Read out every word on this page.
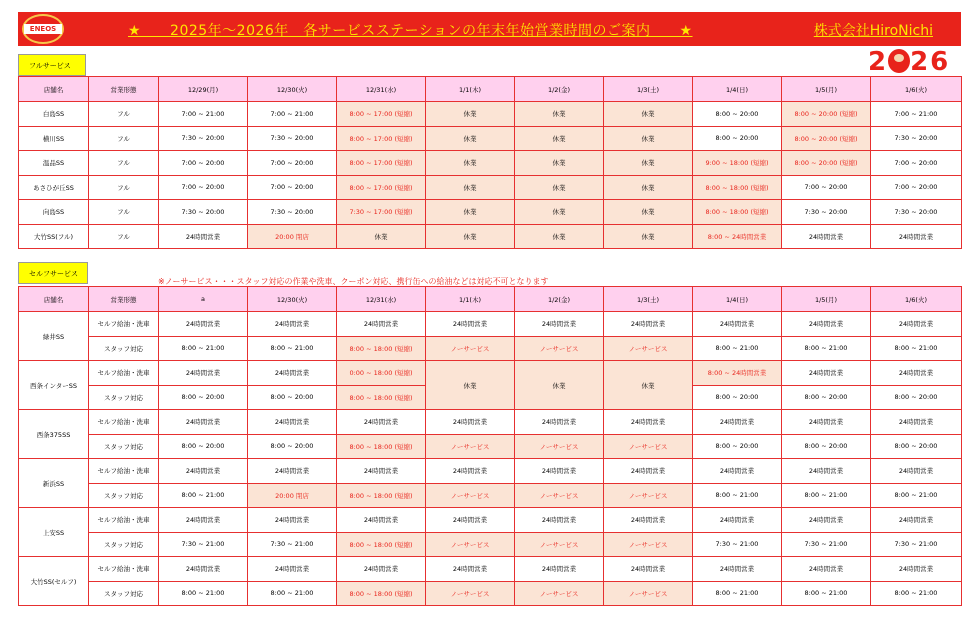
ENEOS	★　　2025年～2026年　各サービスステーションの年末年始営業時間のご案内　　★	株式会社HiroNichi
フルサービス	2 26
店舗名	営業形態	12/29(月)	12/30(火)	12/31(水)	1/1(木)	1/2(金)	1/3(土)	1/4(日)	1/5(月)	1/6(火)
白島SS	フル	7:00 ~ 21:00	7:00 ~ 21:00	8:00 ~ 17:00 (短縮)	休業	休業	休業	8:00 ~ 20:00	8:00 ~ 20:00 (短縮)	7:00 ~ 21:00
横川SS	フル	7:30 ~ 20:00	7:30 ~ 20:00	8:00 ~ 17:00 (短縮)	休業	休業	休業	8:00 ~ 20:00	8:00 ~ 20:00 (短縮)	7:30 ~ 20:00
温品SS	フル	7:00 ~ 20:00	7:00 ~ 20:00	8:00 ~ 17:00 (短縮)	休業	休業	休業	9:00 ~ 18:00 (短縮)	8:00 ~ 20:00 (短縮)	7:00 ~ 20:00
あさひが丘SS	フル	7:00 ~ 20:00	7:00 ~ 20:00	8:00 ~ 17:00 (短縮)	休業	休業	休業	8:00 ~ 18:00 (短縮)	7:00 ~ 20:00	7:00 ~ 20:00
向島SS	フル	7:30 ~ 20:00	7:30 ~ 20:00	7:30 ~ 17:00 (短縮)	休業	休業	休業	8:00 ~ 18:00 (短縮)	7:30 ~ 20:00	7:30 ~ 20:00
大竹SS(フル)	フル	24時間営業	20:00 閉店	休業	休業	休業	休業	8:00 ~ 24時間営業	24時間営業	24時間営業
セルフサービス
※ノーサービス・・・スタッフ対応の作業や洗車、クーポン対応、携行缶への給油などは対応不可となります
店舗名	営業形態	a	12/30(火)	12/31(水)	1/1(木)	1/2(金)	1/3(土)	1/4(日)	1/5(月)	1/6(火)
緑井SS	セルフ給油・洗車	24時間営業	24時間営業	24時間営業	24時間営業	24時間営業	24時間営業	24時間営業	24時間営業	24時間営業
	スタッフ対応	8:00 ~ 21:00	8:00 ~ 21:00	8:00 ~ 18:00 (短縮)	ノーサービス	ノーサービス	ノーサービス	8:00 ~ 21:00	8:00 ~ 21:00	8:00 ~ 21:00
西条インターSS	セルフ給油・洗車	24時間営業	24時間営業	0:00 ~ 18:00 (短縮)	休業	休業	休業	8:00 ~ 24時間営業	24時間営業	24時間営業
	スタッフ対応	8:00 ~ 20:00	8:00 ~ 20:00	8:00 ~ 18:00 (短縮)				8:00 ~ 20:00	8:00 ~ 20:00	8:00 ~ 20:00
西条375SS	セルフ給油・洗車	24時間営業	24時間営業	24時間営業	24時間営業	24時間営業	24時間営業	24時間営業	24時間営業	24時間営業
	スタッフ対応	8:00 ~ 20:00	8:00 ~ 20:00	8:00 ~ 18:00 (短縮)	ノーサービス	ノーサービス	ノーサービス	8:00 ~ 20:00	8:00 ~ 20:00	8:00 ~ 20:00
新浜SS	セルフ給油・洗車	24時間営業	24時間営業	24時間営業	24時間営業	24時間営業	24時間営業	24時間営業	24時間営業	24時間営業
	スタッフ対応	8:00 ~ 21:00	20:00 閉店	8:00 ~ 18:00 (短縮)	ノーサービス	ノーサービス	ノーサービス	8:00 ~ 21:00	8:00 ~ 21:00	8:00 ~ 21:00
上安SS	セルフ給油・洗車	24時間営業	24時間営業	24時間営業	24時間営業	24時間営業	24時間営業	24時間営業	24時間営業	24時間営業
	スタッフ対応	7:30 ~ 21:00	7:30 ~ 21:00	8:00 ~ 18:00 (短縮)	ノーサービス	ノーサービス	ノーサービス	7:30 ~ 21:00	7:30 ~ 21:00	7:30 ~ 21:00
大竹SS(セルフ)	セルフ給油・洗車	24時間営業	24時間営業	24時間営業	24時間営業	24時間営業	24時間営業	24時間営業	24時間営業	24時間営業
	スタッフ対応	8:00 ~ 21:00	8:00 ~ 21:00	8:00 ~ 18:00 (短縮)	ノーサービス	ノーサービス	ノーサービス	8:00 ~ 21:00	8:00 ~ 21:00	8:00 ~ 21:00
